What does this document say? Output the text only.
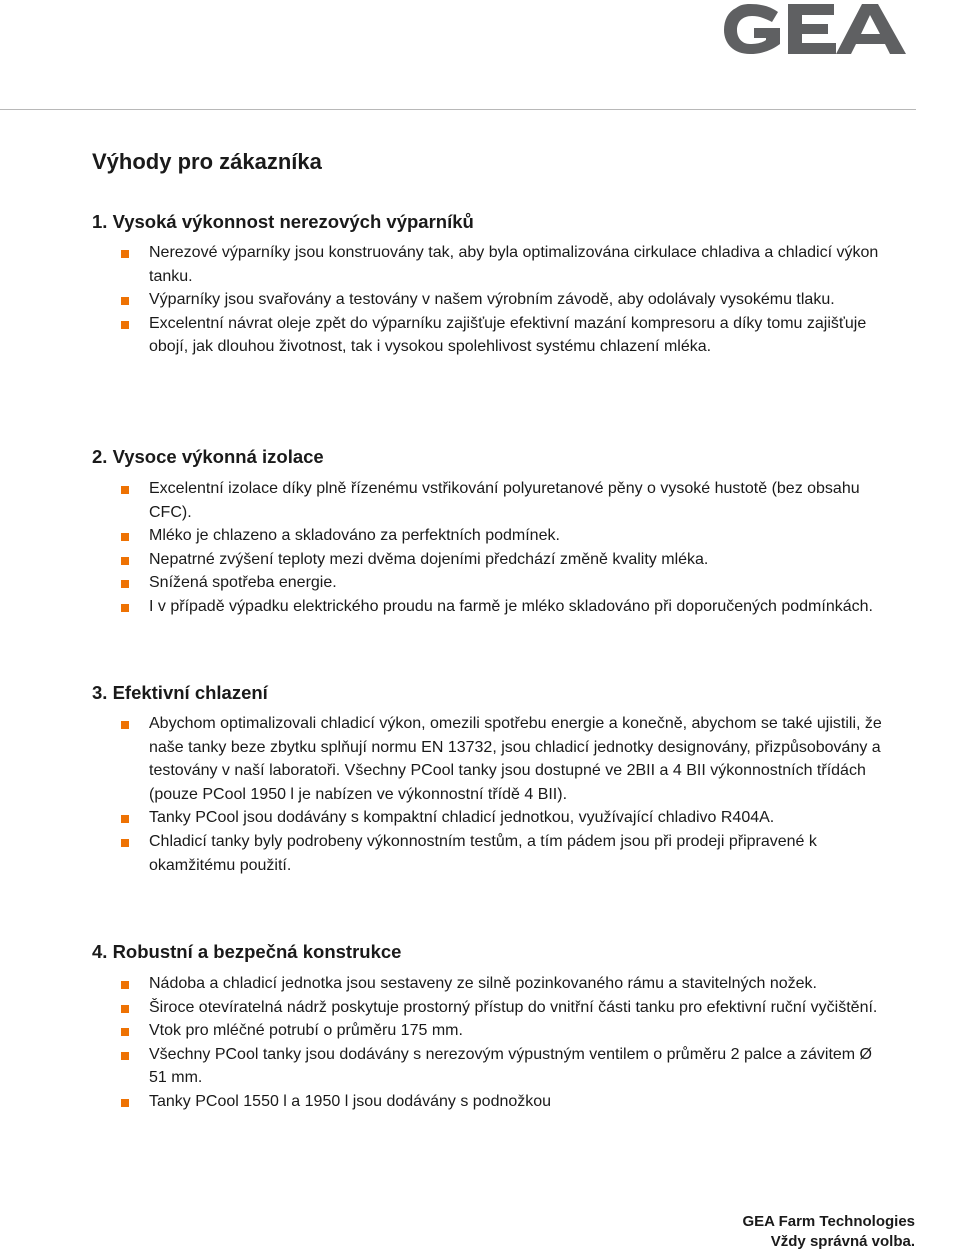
Výhody pro zákazníka
1. Vysoká výkonnost nerezových výparníků
Nerezové výparníky jsou konstruovány tak, aby byla optimalizována cirkulace chladiva a chladicí výkon tanku.
Výparníky jsou svařovány a testovány v našem výrobním závodě, aby odolávaly vysokému tlaku.
Excelentní návrat oleje zpět do výparníku zajišťuje efektivní mazání kompresoru a díky tomu zajišťuje obojí, jak dlouhou životnost, tak i vysokou spolehlivost systému chlazení mléka.
2. Vysoce výkonná izolace
Excelentní izolace díky plně řízenému vstřikování polyuretanové pěny o vysoké hustotě (bez obsahu CFC).
Mléko je chlazeno a skladováno za perfektních podmínek.
Nepatrné zvýšení teploty mezi dvěma dojeními předchází změně kvality mléka.
Snížená spotřeba energie.
I v případě výpadku elektrického proudu na farmě je mléko skladováno při doporučených podmínkách.
3. Efektivní chlazení
Abychom optimalizovali chladicí výkon, omezili spotřebu energie a konečně, abychom se také ujistili, že naše tanky beze zbytku splňují normu EN 13732, jsou chladicí jednotky designovány, přizpůsobovány a testovány v naší laboratoři. Všechny PCool tanky jsou dostupné ve 2BII a 4 BII výkonnostních třídách (pouze PCool 1950 l je nabízen ve výkonnostní třídě 4 BII).
Tanky PCool jsou dodávány s kompaktní chladicí jednotkou, využívající chladivo R404A.
Chladicí tanky byly podrobeny výkonnostním testům, a tím pádem jsou při prodeji připravené k okamžitému použití.
4. Robustní a bezpečná konstrukce
Nádoba a chladicí jednotka jsou sestaveny ze silně pozinkovaného rámu a stavitelných nožek.
Široce otevíratelná nádrž poskytuje prostorný přístup do vnitřní části tanku pro efektivní ruční vyčištění.
Vtok pro mléčné potrubí o průměru 175 mm.
Všechny PCool tanky jsou dodávány s nerezovým výpustným ventilem o průměru 2 palce a závitem Ø 51 mm.
Tanky PCool 1550 l a 1950 l jsou dodávány s podnožkou
GEA Farm Technologies
Vždy správná volba.
